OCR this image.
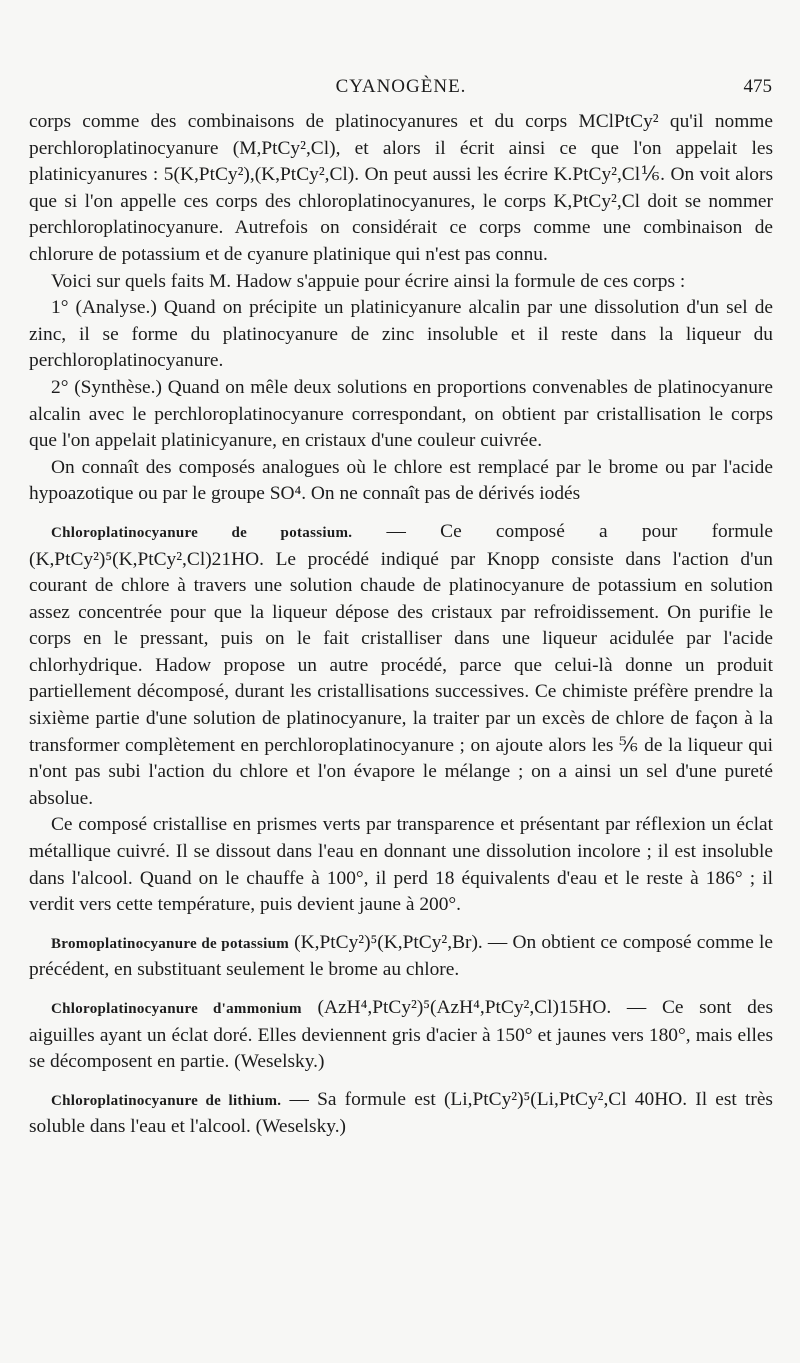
CYANOGÈNE.	475

corps comme des combinaisons de platinocyanures et du corps MClPtCy² qu'il nomme perchloroplatinocyanure (M,PtCy²,Cl), et alors il écrit ainsi ce que l'on appelait les platinicyanures : 5(K,PtCy²),(K,PtCy²,Cl). On peut aussi les écrire K.PtCy²,Cl⅙. On voit alors que si l'on appelle ces corps des chloroplatinocyanures, le corps K,PtCy²,Cl doit se nommer perchloroplatinocyanure. Autrefois on considérait ce corps comme une combinaison de chlorure de potassium et de cyanure platinique qui n'est pas connu.

Voici sur quels faits M. Hadow s'appuie pour écrire ainsi la formule de ces corps :

1° (Analyse.) Quand on précipite un platinicyanure alcalin par une dissolution d'un sel de zinc, il se forme du platinocyanure de zinc insoluble et il reste dans la liqueur du perchloroplatinocyanure.

2° (Synthèse.) Quand on mêle deux solutions en proportions convenables de platinocyanure alcalin avec le perchloroplatinocyanure correspondant, on obtient par cristallisation le corps que l'on appelait platinicyanure, en cristaux d'une couleur cuivrée.

On connaît des composés analogues où le chlore est remplacé par le brome ou par l'acide hypoazotique ou par le groupe SO⁴. On ne connaît pas de dérivés iodés

Chloroplatinocyanure de potassium. — Ce composé a pour formule (K,PtCy²)⁵(K,PtCy²,Cl)21HO. Le procédé indiqué par Knopp consiste dans l'action d'un courant de chlore à travers une solution chaude de platinocyanure de potassium en solution assez concentrée pour que la liqueur dépose des cristaux par refroidissement. On purifie le corps en le pressant, puis on le fait cristalliser dans une liqueur acidulée par l'acide chlorhydrique. Hadow propose un autre procédé, parce que celui-là donne un produit partiellement décomposé, durant les cristallisations successives. Ce chimiste préfère prendre la sixième partie d'une solution de platinocyanure, la traiter par un excès de chlore de façon à la transformer complètement en perchloroplatinocyanure ; on ajoute alors les ⅚ de la liqueur qui n'ont pas subi l'action du chlore et l'on évapore le mélange ; on a ainsi un sel d'une pureté absolue.

Ce composé cristallise en prismes verts par transparence et présentant par réflexion un éclat métallique cuivré. Il se dissout dans l'eau en donnant une dissolution incolore ; il est insoluble dans l'alcool. Quand on le chauffe à 100°, il perd 18 équivalents d'eau et le reste à 186° ; il verdit vers cette température, puis devient jaune à 200°.

Bromoplatinocyanure de potassium (K,PtCy²)⁵(K,PtCy²,Br). — On obtient ce composé comme le précédent, en substituant seulement le brome au chlore.

Chloroplatinocyanure d'ammonium (AzH⁴,PtCy²)⁵(AzH⁴,PtCy²,Cl)15HO. — Ce sont des aiguilles ayant un éclat doré. Elles deviennent gris d'acier à 150° et jaunes vers 180°, mais elles se décomposent en partie. (Weselsky.)

Chloroplatinocyanure de lithium. — Sa formule est (Li,PtCy²)⁵(Li,PtCy²,Cl 40HO. Il est très soluble dans l'eau et l'alcool. (Weselsky.)
